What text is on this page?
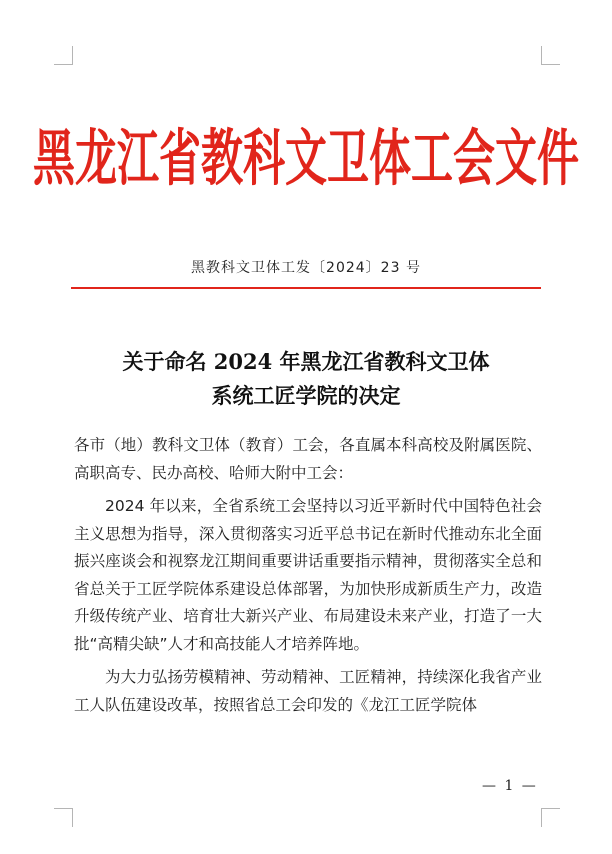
黑龙江省教科文卫体工会文件
黑教科文卫体工发〔2024〕23 号
关于命名 2024 年黑龙江省教科文卫体
系统工匠学院的决定

各市（地）教科文卫体（教育）工会，各直属本科高校及附属医院、高职高专、民办高校、哈师大附中工会：

2024 年以来，全省系统工会坚持以习近平新时代中国特色社会主义思想为指导，深入贯彻落实习近平总书记在新时代推动东北全面振兴座谈会和视察龙江期间重要讲话重要指示精神，贯彻落实全总和省总关于工匠学院体系建设总体部署，为加快形成新质生产力，改造升级传统产业、培育壮大新兴产业、布局建设未来产业，打造了一大批“高精尖缺”人才和高技能人才培养阵地。

为大力弘扬劳模精神、劳动精神、工匠精神，持续深化我省产业工人队伍建设改革，按照省总工会印发的《龙江工匠学院体

— 1 —
